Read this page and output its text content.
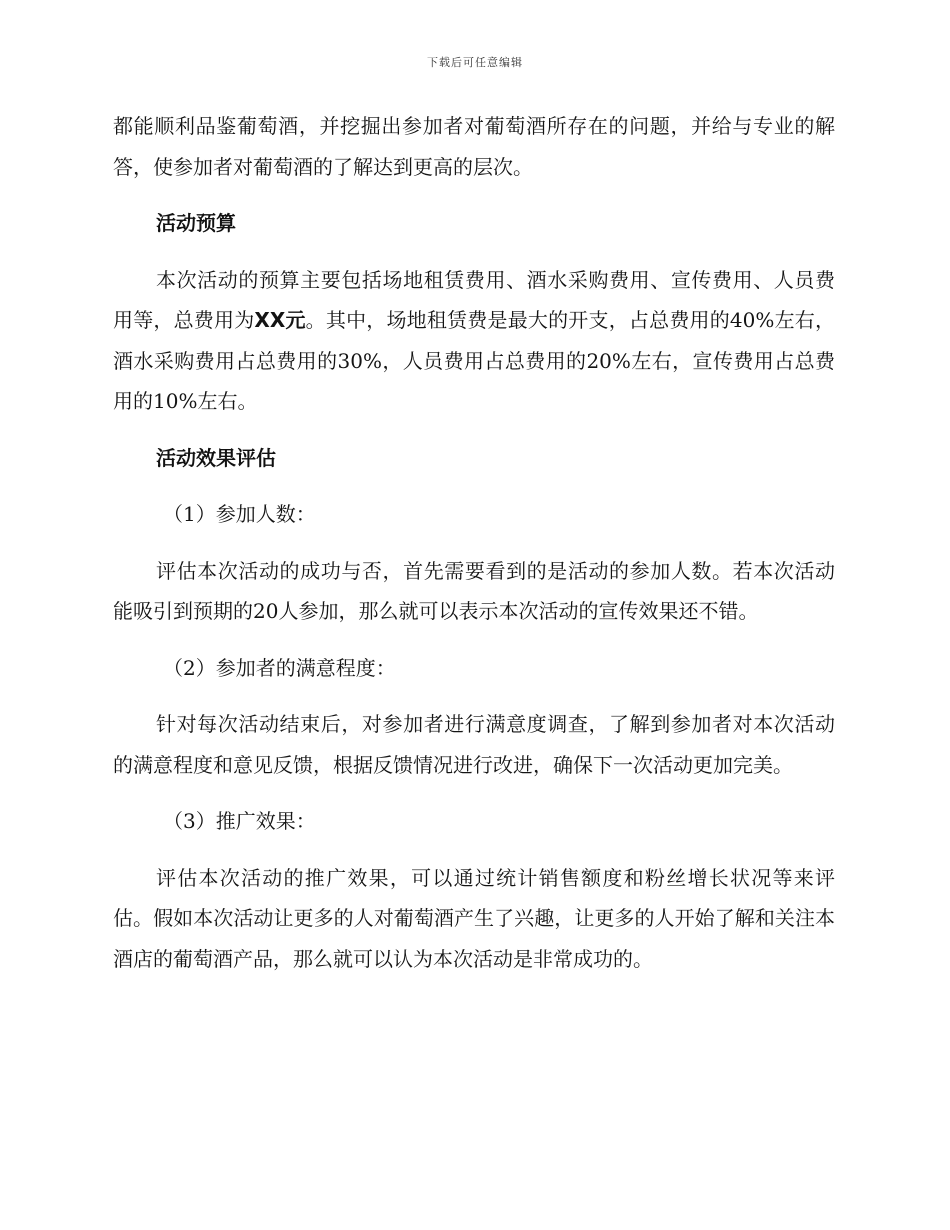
下载后可任意编辑

都能顺利品鉴葡萄酒，并挖掘出参加者对葡萄酒所存在的问题，并给与专业的解答，使参加者对葡萄酒的了解达到更高的层次。

活动预算

本次活动的预算主要包括场地租赁费用、酒水采购费用、宣传费用、人员费用等，总费用为XX元。其中，场地租赁费是最大的开支，占总费用的40%左右，酒水采购费用占总费用的30%，人员费用占总费用的20%左右，宣传费用占总费用的10%左右。

活动效果评估

（1）参加人数：

评估本次活动的成功与否，首先需要看到的是活动的参加人数。若本次活动能吸引到预期的20人参加，那么就可以表示本次活动的宣传效果还不错。

（2）参加者的满意程度：

针对每次活动结束后，对参加者进行满意度调查，了解到参加者对本次活动的满意程度和意见反馈，根据反馈情况进行改进，确保下一次活动更加完美。

（3）推广效果：

评估本次活动的推广效果，可以通过统计销售额度和粉丝增长状况等来评估。假如本次活动让更多的人对葡萄酒产生了兴趣，让更多的人开始了解和关注本酒店的葡萄酒产品，那么就可以认为本次活动是非常成功的。
